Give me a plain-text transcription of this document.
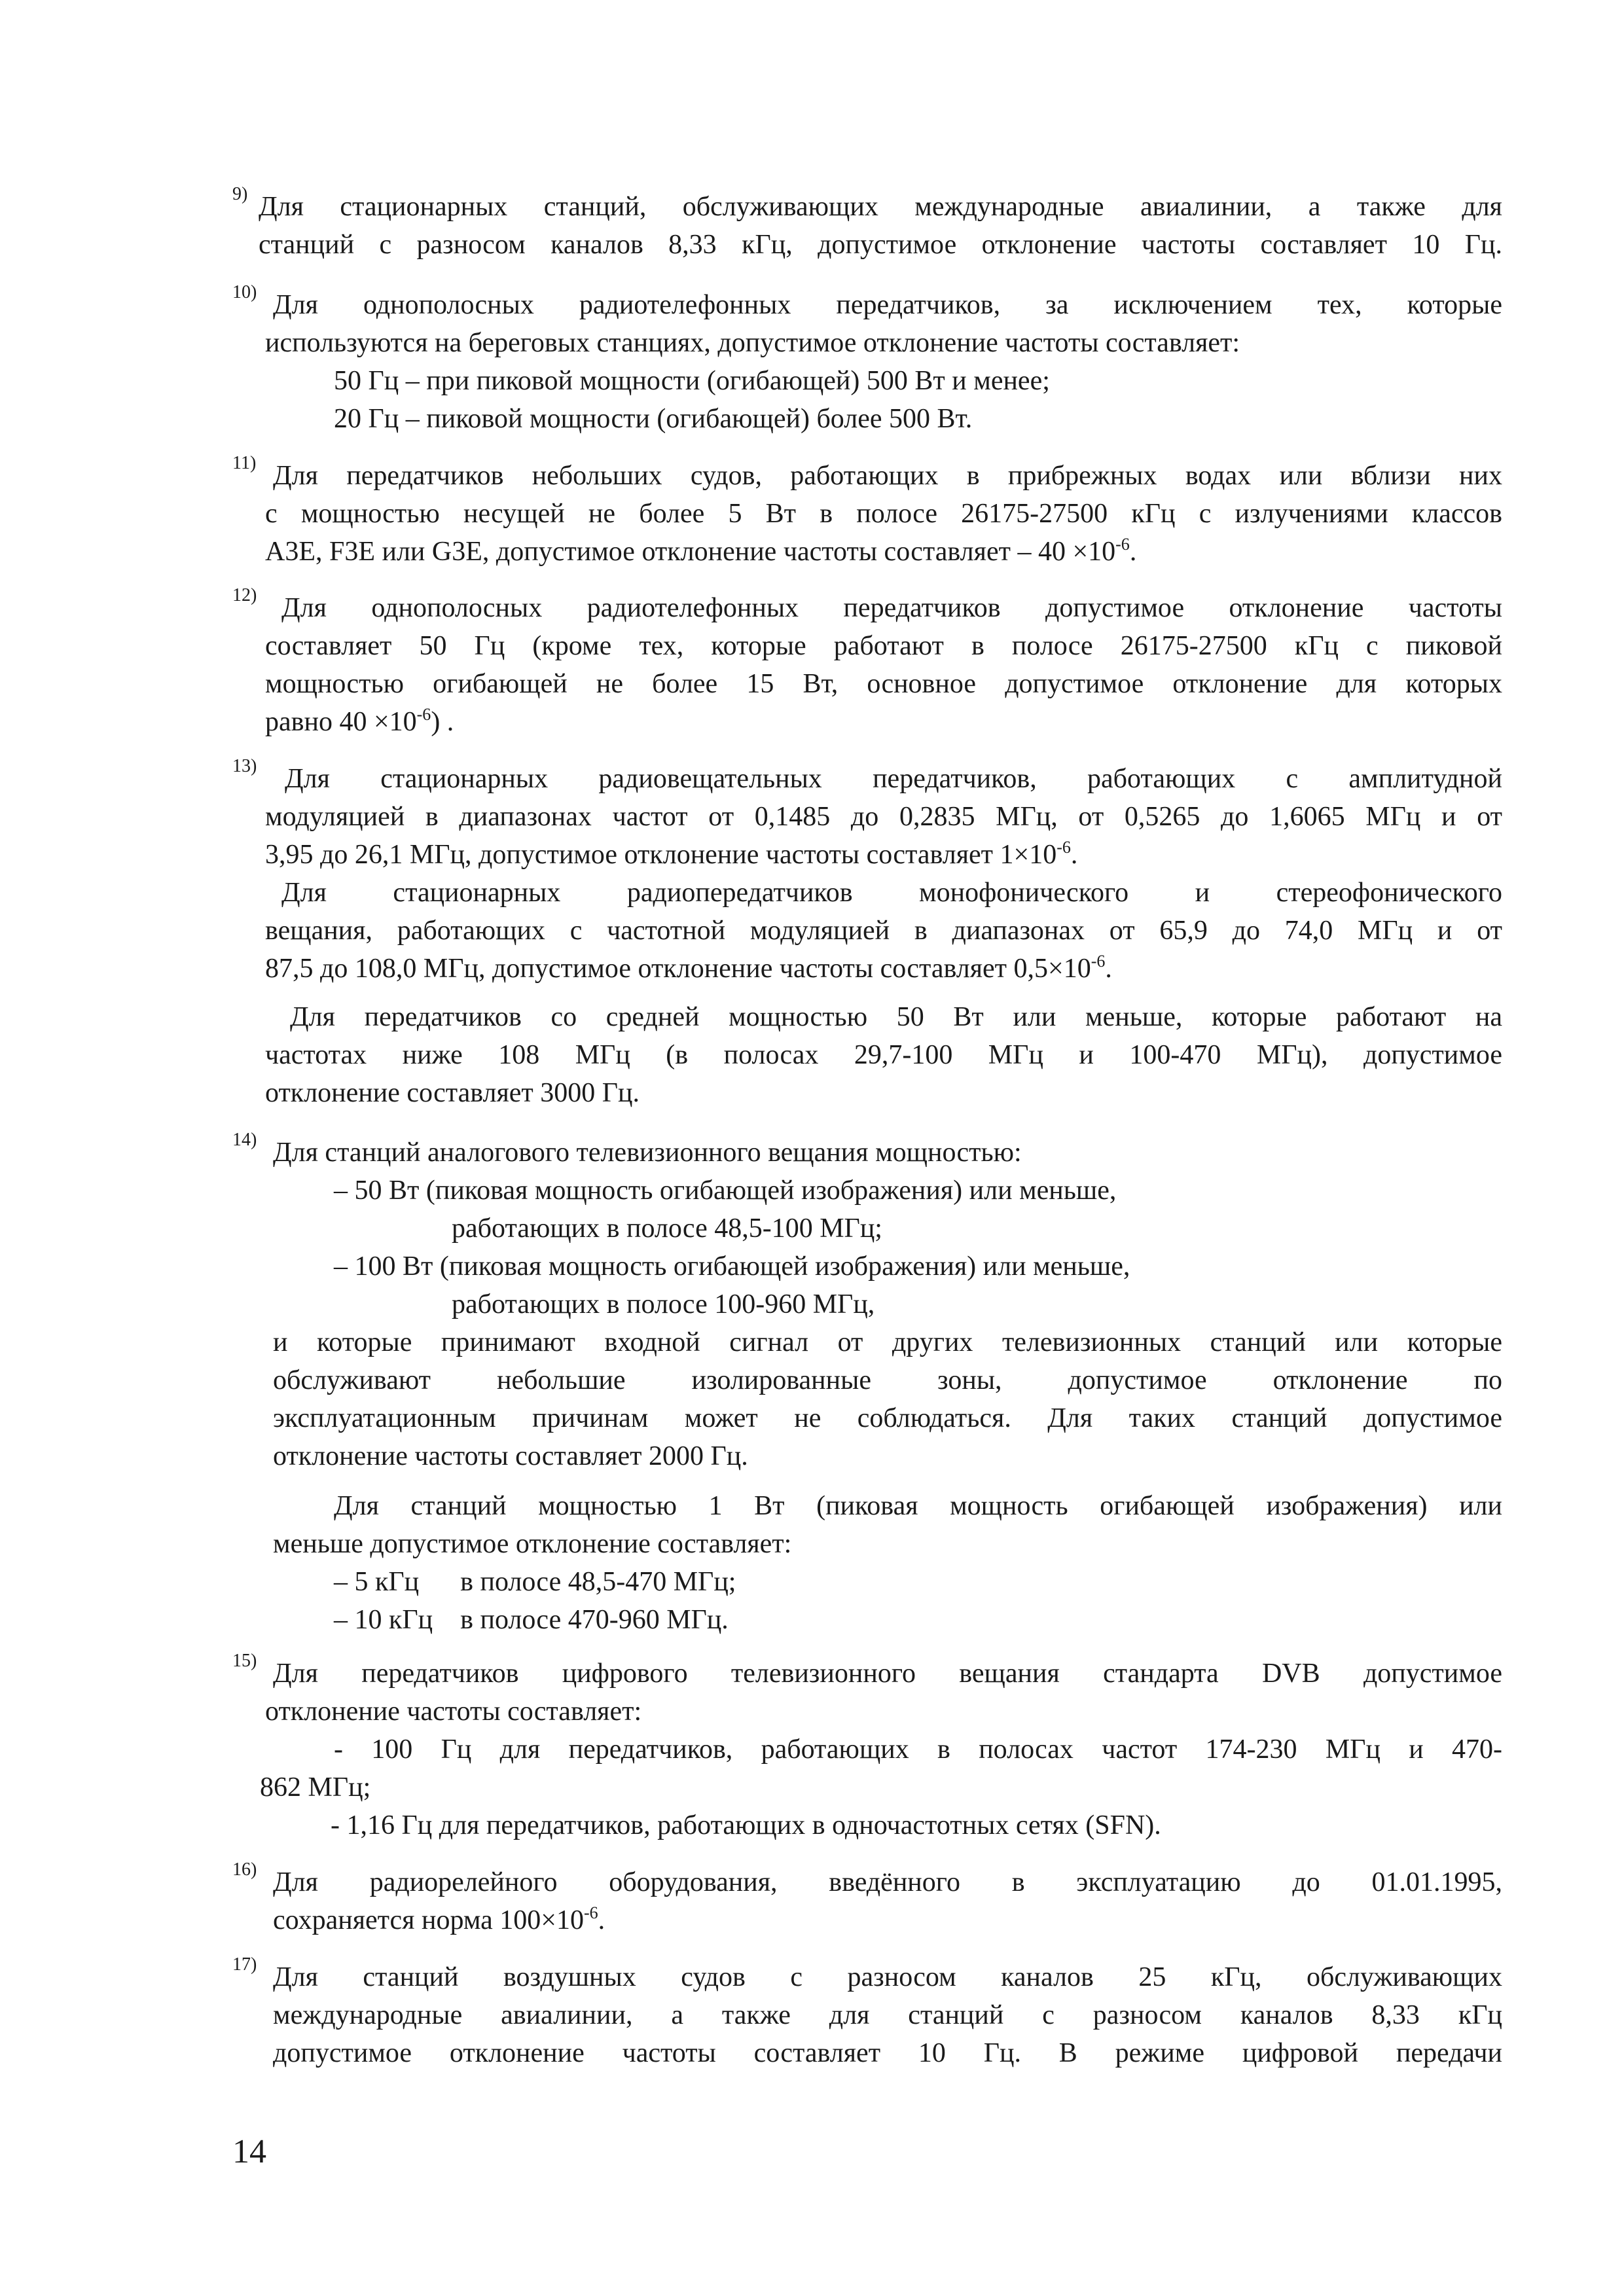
9) Для стационарных станций, обслуживающих международные авиалинии, а также для
станций с разносом каналов 8,33 кГц, допустимое отклонение частоты составляет 10 Гц.
10) Для однополосных радиотелефонных передатчиков, за исключением тех, которые
используются на береговых станциях, допустимое отклонение частоты составляет:
50 Гц – при пиковой мощности (огибающей) 500 Вт и менее;
20 Гц – пиковой мощности (огибающей) более 500 Вт.
11) Для передатчиков небольших судов, работающих в прибрежных водах или вблизи них
с мощностью несущей не более 5 Вт в полосе 26175-27500 кГц с излучениями классов
A3E, F3E или G3E, допустимое отклонение частоты составляет – $40 \times 10^{-6}$.
12) Для однополосных радиотелефонных передатчиков допустимое отклонение частоты
составляет 50 Гц (кроме тех, которые работают в полосе 26175-27500 кГц с пиковой
мощностью огибающей не более 15 Вт, основное допустимое отклонение для которых
равно $40 \times 10^{-6}$) .
13) Для стационарных радиовещательных передатчиков, работающих с амплитудной
модуляцией в диапазонах частот от 0,1485 до 0,2835 МГц, от 0,5265 до 1,6065 МГц и от
3,95 до 26,1 МГц, допустимое отклонение частоты составляет $1\times 10^{-6}$.
Для стационарных радиопередатчиков монофонического и стереофонического
вещания, работающих с частотной модуляцией в диапазонах от 65,9 до 74,0 МГц и от
87,5 до 108,0 МГц, допустимое отклонение частоты составляет $0,5\times 10^{-6}$.
Для передатчиков со средней мощностью 50 Вт или меньше, которые работают на
частотах ниже 108 МГц (в полосах 29,7-100 МГц и 100-470 МГц), допустимое
отклонение составляет 3000 Гц.
14) Для станций аналогового телевизионного вещания мощностью:
– 50 Вт (пиковая мощность огибающей изображения) или меньше,
работающих в полосе 48,5-100 МГц;
– 100 Вт (пиковая мощность огибающей изображения) или меньше,
работающих в полосе 100-960 МГц,
и которые принимают входной сигнал от других телевизионных станций или которые
обслуживают небольшие изолированные зоны, допустимое отклонение по
эксплуатационным причинам может не соблюдаться. Для таких станций допустимое
отклонение частоты составляет 2000 Гц.
Для станций мощностью 1 Вт (пиковая мощность огибающей изображения) или
меньше допустимое отклонение составляет:
– 5 кГц      в полосе 48,5-470 МГц;
– 10 кГц    в полосе 470-960 МГц.
15) Для передатчиков цифрового телевизионного вещания стандарта DVB допустимое
отклонение частоты составляет:
- 100 Гц для передатчиков, работающих в полосах частот 174-230 МГц и 470-
862 МГц;
- 1,16 Гц для передатчиков, работающих в одночастотных сетях (SFN).
16) Для радиорелейного оборудования, введённого в эксплуатацию до 01.01.1995,
сохраняется норма $100\times 10^{-6}$.
17) Для станций воздушных судов с разносом каналов 25 кГц, обслуживающих
международные авиалинии, а также для станций с разносом каналов 8,33 кГц
допустимое отклонение частоты составляет 10 Гц. В режиме цифровой передачи
14
